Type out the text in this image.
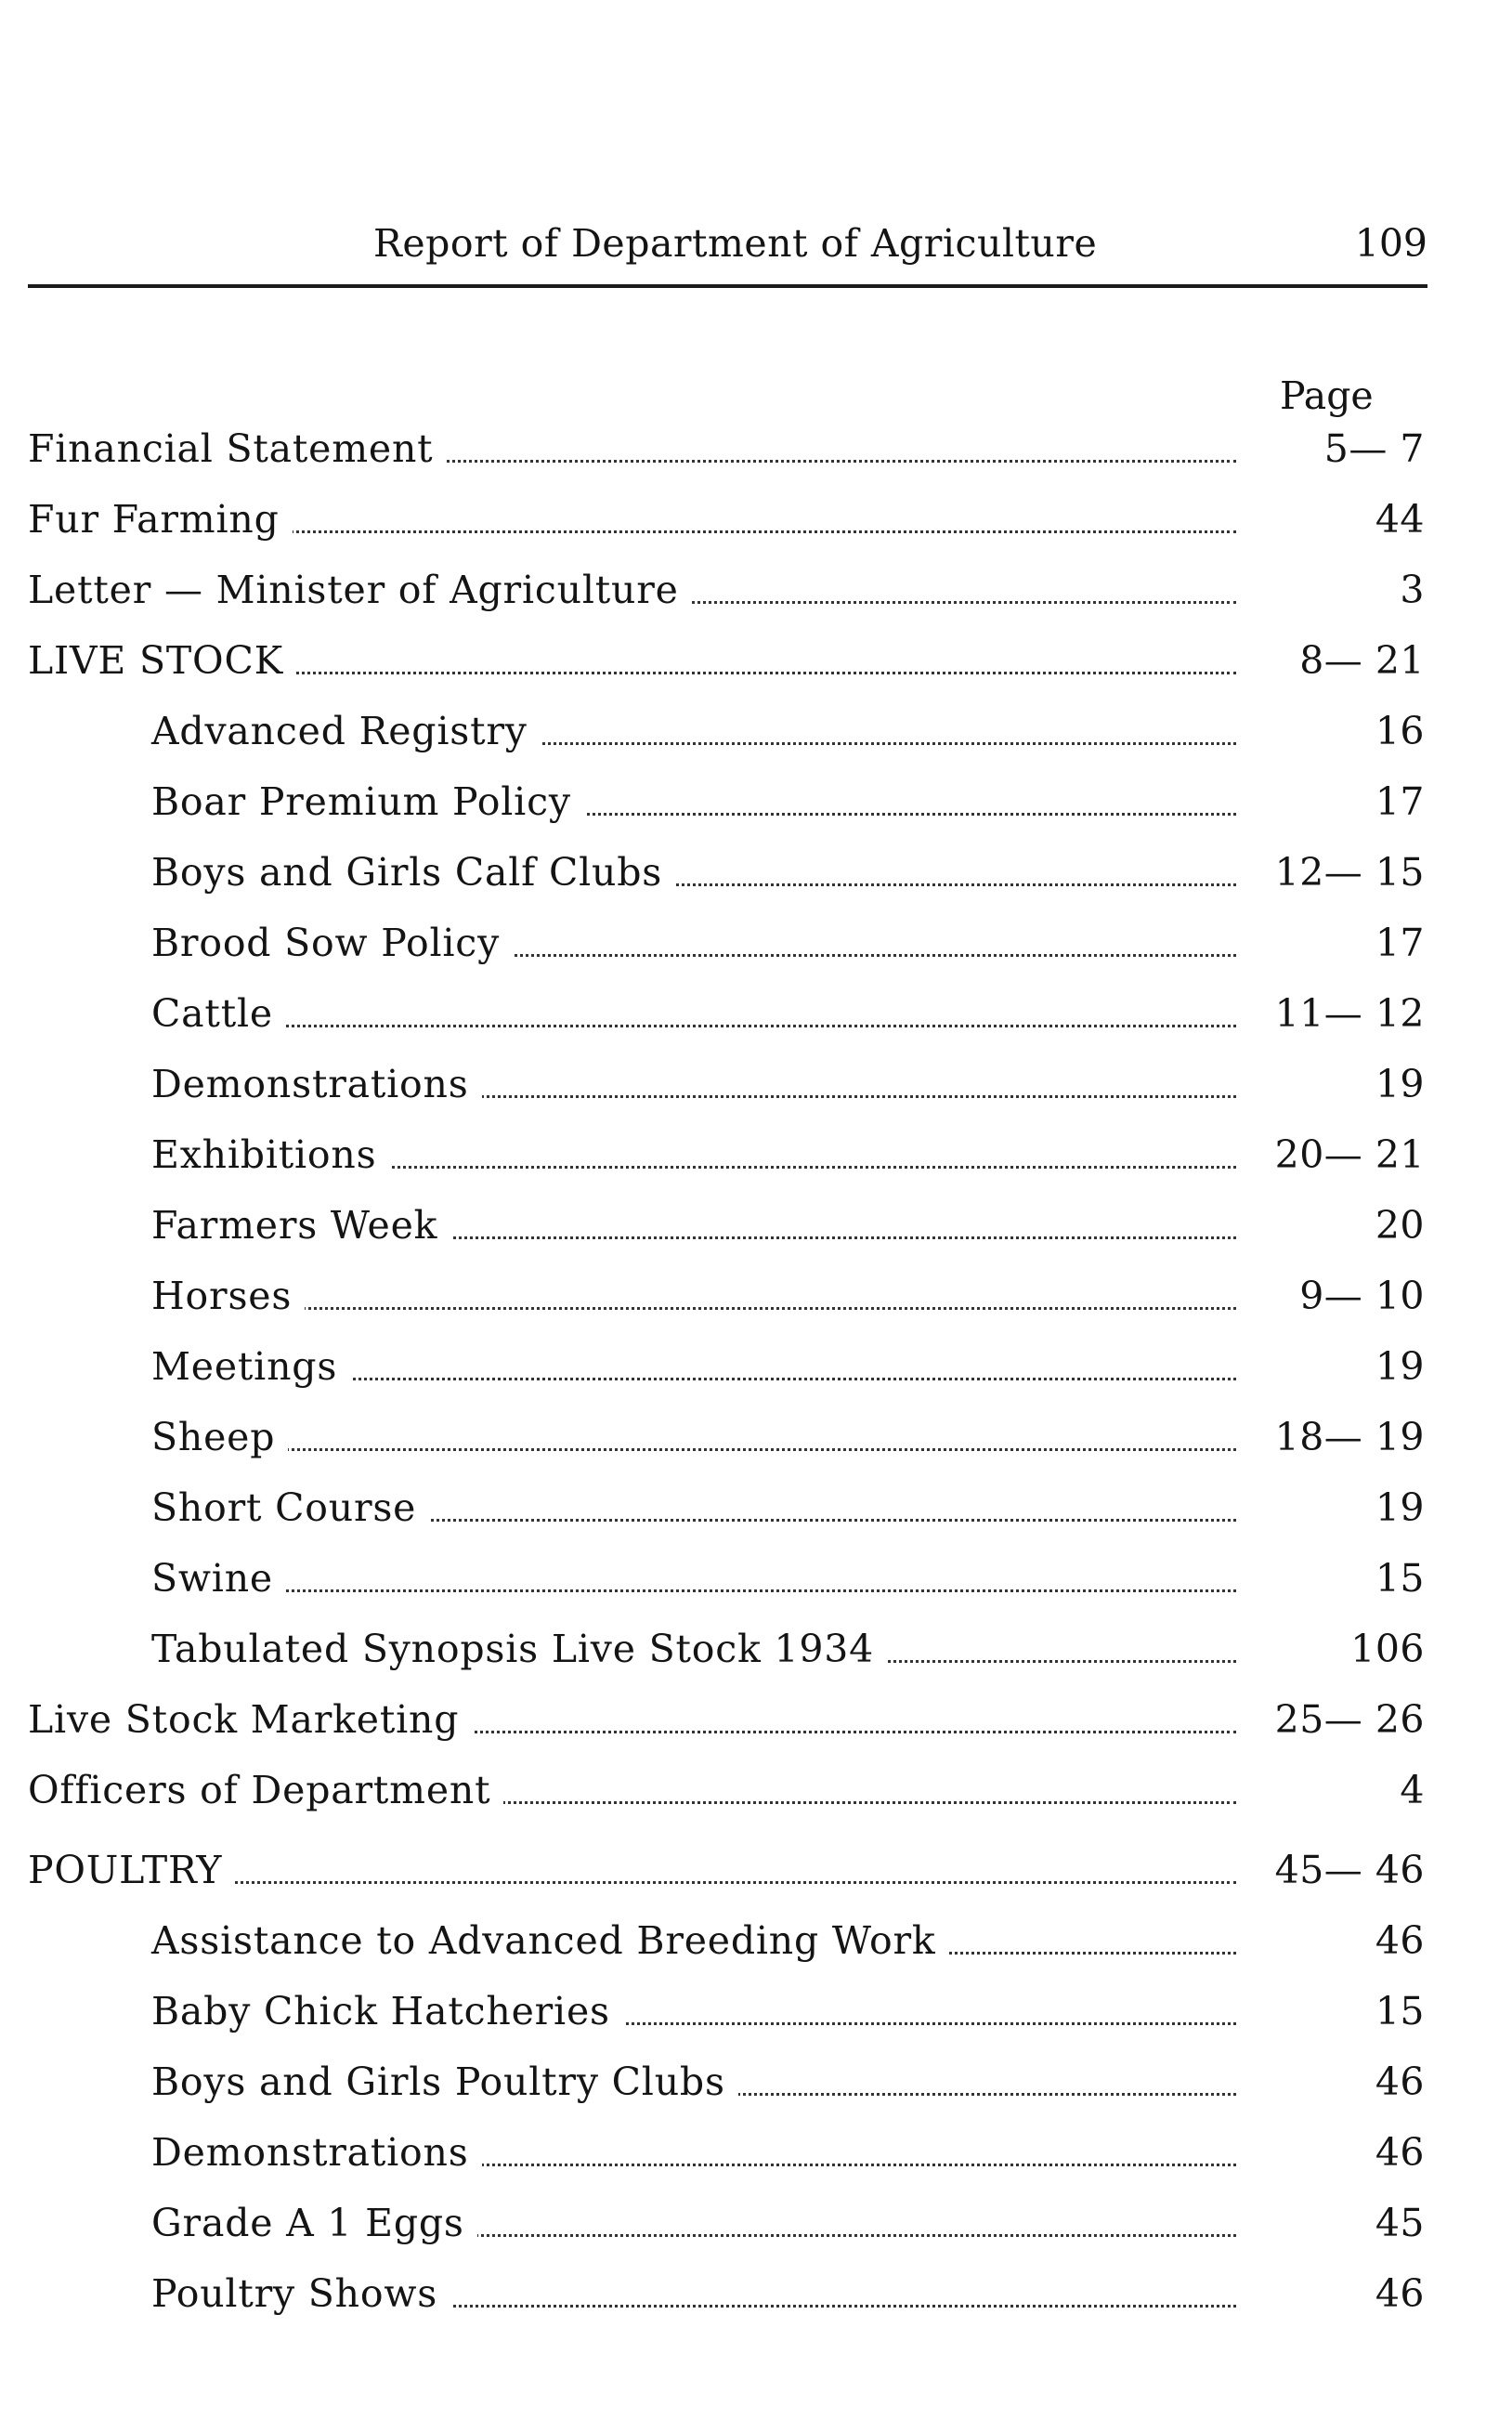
Report of Department of Agriculture	109
Page
Financial Statement	5— 7
Fur Farming	44
Letter — Minister of Agriculture	3
LIVE STOCK	8— 21
Advanced Registry	16
Boar Premium Policy	17
Boys and Girls Calf Clubs	12— 15
Brood Sow Policy	17
Cattle	11— 12
Demonstrations	19
Exhibitions	20— 21
Farmers Week	20
Horses	9— 10
Meetings	19
Sheep	18— 19
Short Course	19
Swine	15
Tabulated Synopsis Live Stock 1934	106
Live Stock Marketing	25— 26
Officers of Department	4
POULTRY	45— 46
Assistance to Advanced Breeding Work	46
Baby Chick Hatcheries	15
Boys and Girls Poultry Clubs	46
Demonstrations	46
Grade A 1 Eggs	45
Poultry Shows	46
